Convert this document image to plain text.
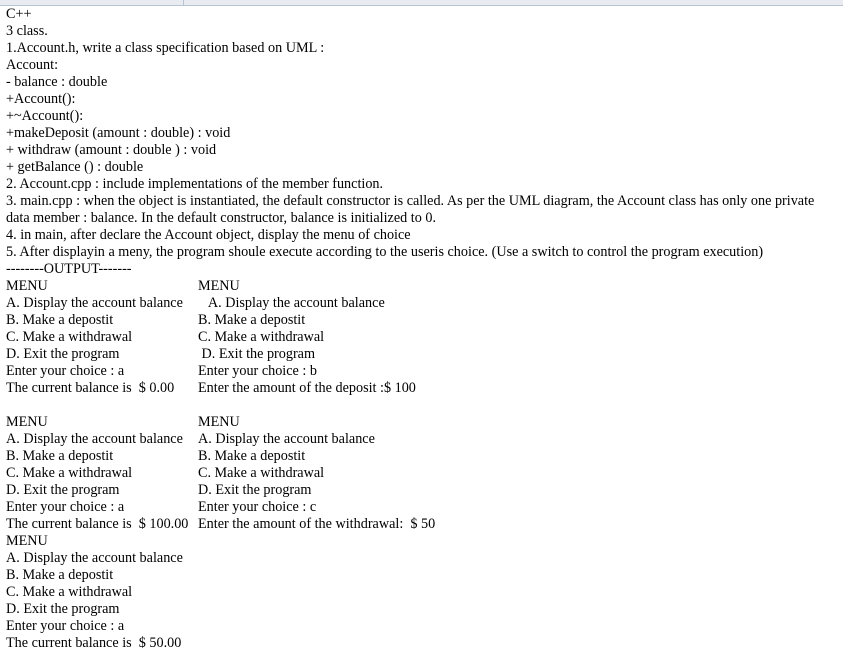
C++
3 class.
1.Account.h, write a class specification based on UML :
Account:
- balance : double
+Account():
+~Account():
+makeDeposit (amount : double) : void
+ withdraw (amount : double ) : void
+ getBalance () : double
2. Account.cpp : include implementations of the member function.
3. main.cpp : when the object is instantiated, the default constructor is called. As per the UML diagram, the Account class has only one private data member : balance. In the default constructor, balance is initialized to 0.
4. in main, after declare the Account object, display the menu of choice
5. After displayin a meny, the program shoule execute according to the useris choice. (Use a switch to control the program execution)
--------OUTPUT-------
MENU	MENU
A. Display the account balance	A. Display the account balance
B. Make a depostit	B. Make a depostit
C. Make a withdrawal	C. Make a withdrawal
D. Exit the program	D. Exit the program
Enter your choice : a	Enter your choice : b
The current balance is  $ 0.00	Enter the amount of the deposit :$ 100
MENU	MENU
A. Display the account balance	A. Display the account balance
B. Make a depostit	B. Make a depostit
C. Make a withdrawal	C. Make a withdrawal
D. Exit the program	D. Exit the program
Enter your choice : a	Enter your choice : c
The current balance is  $ 100.00 Enter the amount of the withdrawal:  $ 50
MENU
A. Display the account balance
B. Make a depostit
C. Make a withdrawal
D. Exit the program
Enter your choice : a
The current balance is  $ 50.00
